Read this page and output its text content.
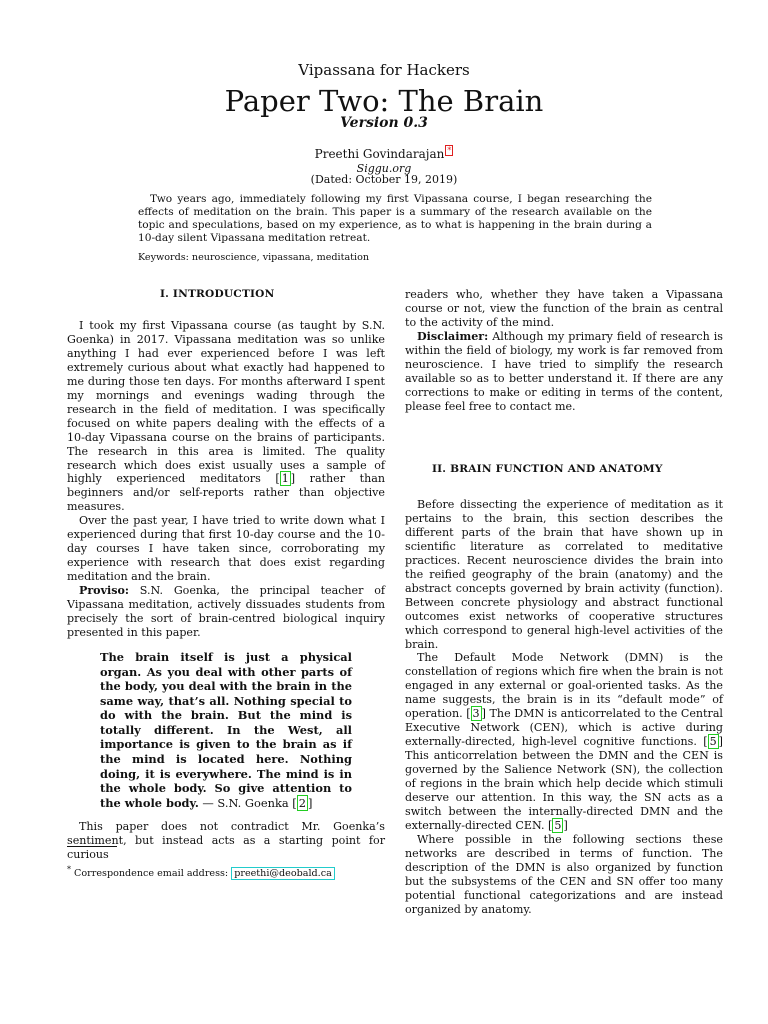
Vipassana for Hackers
Paper Two: The Brain
Version 0.3
Preethi Govindarajan *
Siggu.org
(Dated: October 19, 2019)

Two years ago, immediately following my first Vipassana course, I began researching the effects of meditation on the brain. This paper is a summary of the research available on the topic and speculations, based on my experience, as to what is happening in the brain during a 10-day silent Vipassana meditation retreat.

Keywords: neuroscience, vipassana, meditation
I. INTRODUCTION

I took my first Vipassana course (as taught by S.N. Goenka) in 2017. Vipassana meditation was so unlike anything I had ever experienced before I was left extremely curious about what exactly had happened to me during those ten days. For months afterward I spent my mornings and evenings wading through the research in the field of meditation. I was specifically focused on white papers dealing with the effects of a 10-day Vipassana course on the brains of participants. The research in this area is limited. The quality research which does exist usually uses a sample of highly experienced meditators [ 1 ] rather than beginners and/or self-reports rather than objective measures.

Over the past year, I have tried to write down what I experienced during that first 10-day course and the 10-day courses I have taken since, corroborating my experience with research that does exist regarding meditation and the brain.

Proviso: S.N. Goenka, the principal teacher of Vipassana meditation, actively dissuades students from precisely the sort of brain-centred biological inquiry presented in this paper.

The brain itself is just a physical organ. As you deal with other parts of the body, you deal with the brain in the same way, that’s all. Nothing special to do with the brain. But the mind is totally different. In the West, all importance is given to the brain as if the mind is located here. Nothing doing, it is everywhere. The mind is in the whole body. So give attention to the whole body. — S.N. Goenka [ 2 ]

This paper does not contradict Mr. Goenka’s sentiment, but instead acts as a starting point for curious

* Correspondence email address: preethi@deobald.ca

readers who, whether they have taken a Vipassana course or not, view the function of the brain as central to the activity of the mind.

Disclaimer: Although my primary field of research is within the field of biology, my work is far removed from neuroscience. I have tried to simplify the research available so as to better understand it. If there are any corrections to make or editing in terms of the content, please feel free to contact me.

II. BRAIN FUNCTION AND ANATOMY

Before dissecting the experience of meditation as it pertains to the brain, this section describes the different parts of the brain that have shown up in scientific literature as correlated to meditative practices. Recent neuroscience divides the brain into the reified geography of the brain (anatomy) and the abstract concepts governed by brain activity (function). Between concrete physiology and abstract functional outcomes exist networks of cooperative structures which correspond to general high-level activities of the brain.

The Default Mode Network (DMN) is the constellation of regions which fire when the brain is not engaged in any external or goal-oriented tasks. As the name suggests, the brain is in its “default mode” of operation. [ 3 ] The DMN is anticorrelated to the Central Executive Network (CEN), which is active during externally-directed, high-level cognitive functions. [ 5 ] This anticorrelation between the DMN and the CEN is governed by the Salience Network (SN), the collection of regions in the brain which help decide which stimuli deserve our attention. In this way, the SN acts as a switch between the internally-directed DMN and the externally-directed CEN. [ 5 ]

Where possible in the following sections these networks are described in terms of function. The description of the DMN is also organized by function but the subsystems of the CEN and SN offer too many potential functional categorizations and are instead organized by anatomy.
